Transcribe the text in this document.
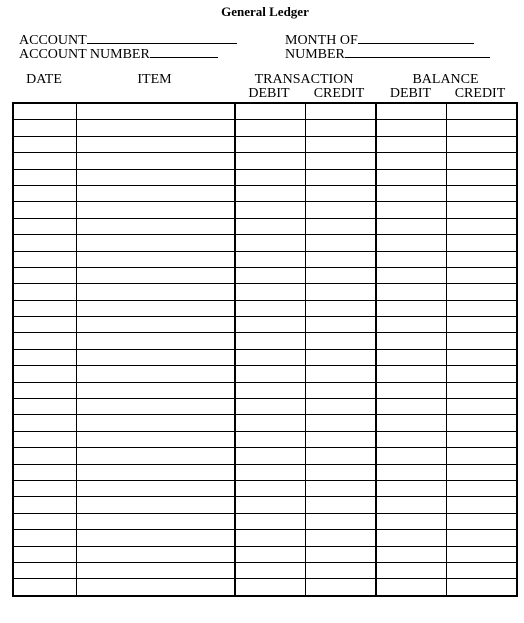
General Ledger
ACCOUNT
ACCOUNT NUMBER
MONTH OF
NUMBER
DATE	ITEM	TRANSACTION	BALANCE
DEBIT	CREDIT	DEBIT	CREDIT
